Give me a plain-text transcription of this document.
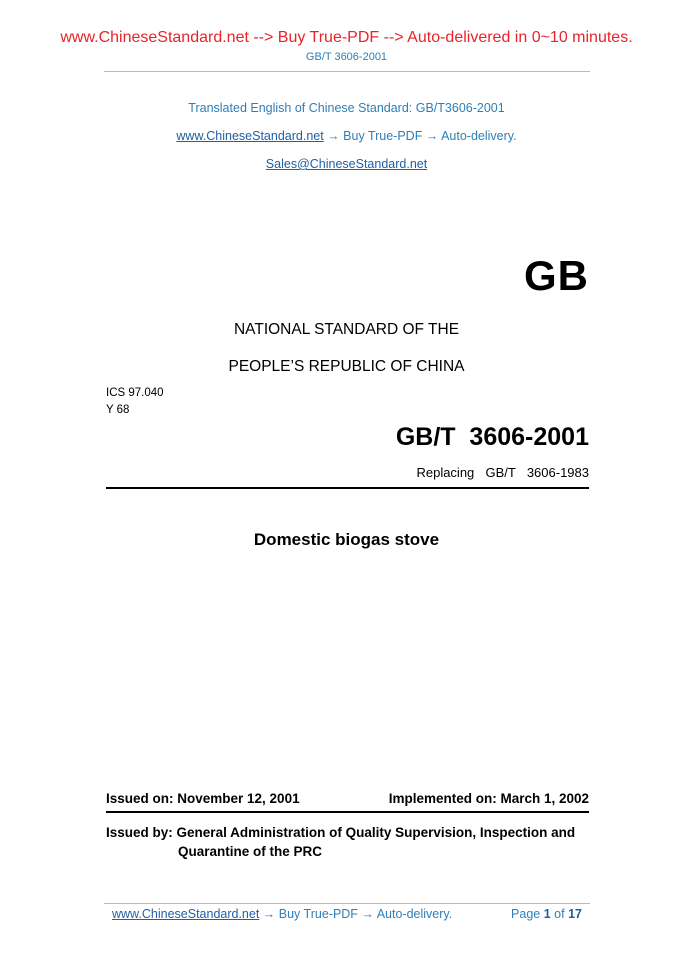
www.ChineseStandard.net --> Buy True-PDF --> Auto-delivered in 0~10 minutes.
GB/T 3606-2001
Translated English of Chinese Standard: GB/T3606-2001
www.ChineseStandard.net → Buy True-PDF → Auto-delivery.
Sales@ChineseStandard.net
GB
NATIONAL STANDARD OF THE
PEOPLE’S REPUBLIC OF CHINA
ICS 97.040
Y 68
GB/T  3606-2001
Replacing  GB/T  3606-1983
Domestic biogas stove
Issued on: November 12, 2001	Implemented on: March 1, 2002
Issued by: General Administration of Quality Supervision, Inspection and
Quarantine of the PRC
www.ChineseStandard.net → Buy True-PDF → Auto-delivery.	Page 1 of 17
